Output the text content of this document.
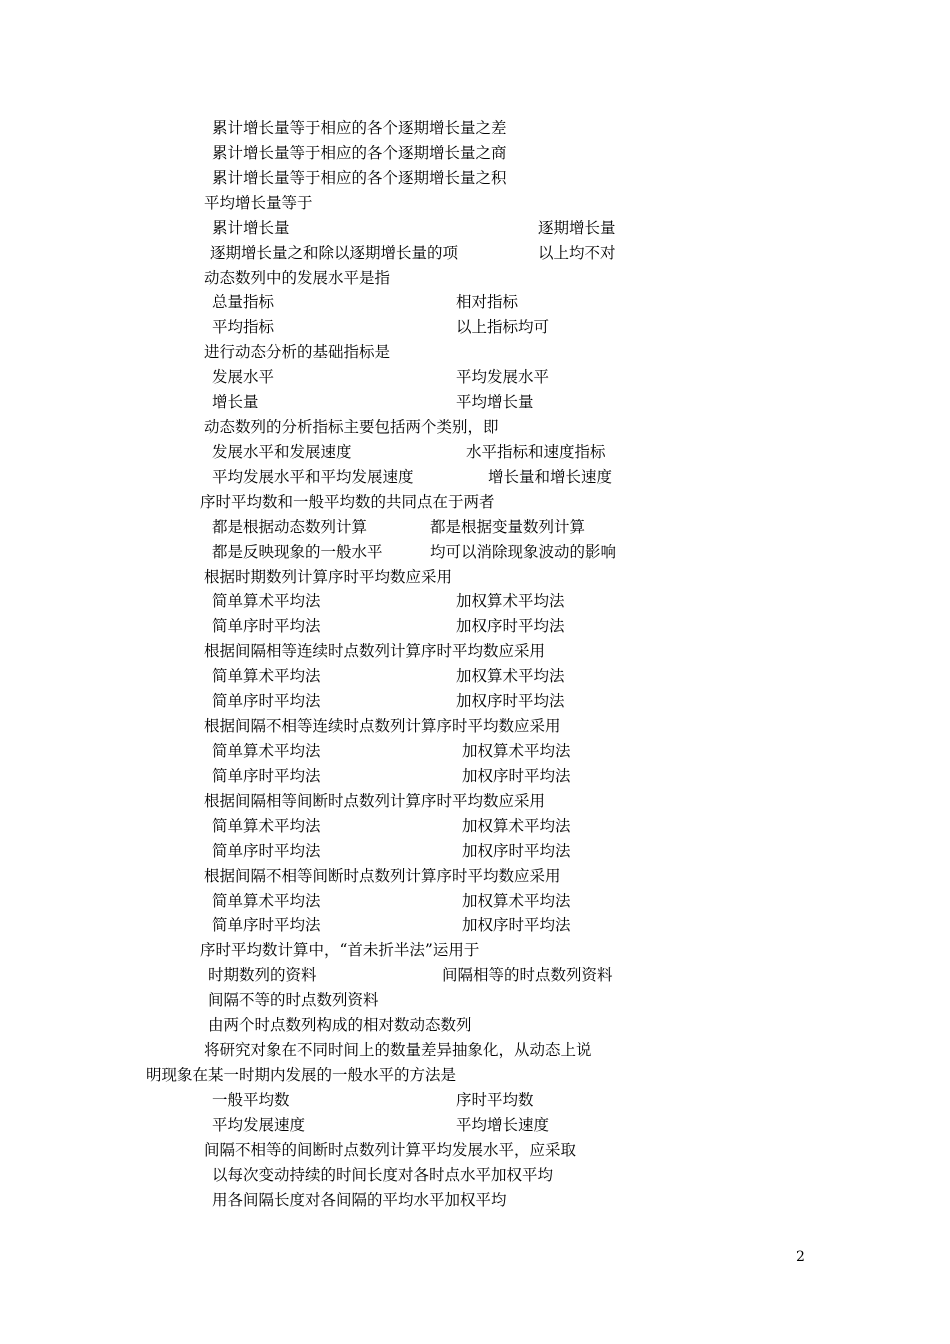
累计增长量等于相应的各个逐期增长量之差
累计增长量等于相应的各个逐期增长量之商
累计增长量等于相应的各个逐期增长量之积
平均增长量等于
累计增长量	逐期增长量
逐期增长量之和除以逐期增长量的项	以上均不对
动态数列中的发展水平是指
总量指标	相对指标
平均指标	以上指标均可
进行动态分析的基础指标是
发展水平	平均发展水平
增长量	平均增长量
动态数列的分析指标主要包括两个类别，即
发展水平和发展速度	水平指标和速度指标
平均发展水平和平均发展速度	增长量和增长速度
序时平均数和一般平均数的共同点在于两者
都是根据动态数列计算	都是根据变量数列计算
都是反映现象的一般水平	均可以消除现象波动的影响
根据时期数列计算序时平均数应采用
简单算术平均法	加权算术平均法
简单序时平均法	加权序时平均法
根据间隔相等连续时点数列计算序时平均数应采用
简单算术平均法	加权算术平均法
简单序时平均法	加权序时平均法
根据间隔不相等连续时点数列计算序时平均数应采用
简单算术平均法	加权算术平均法
简单序时平均法	加权序时平均法
根据间隔相等间断时点数列计算序时平均数应采用
简单算术平均法	加权算术平均法
简单序时平均法	加权序时平均法
根据间隔不相等间断时点数列计算序时平均数应采用
简单算术平均法	加权算术平均法
简单序时平均法	加权序时平均法
序时平均数计算中，“首未折半法”运用于
时期数列的资料	间隔相等的时点数列资料
间隔不等的时点数列资料
由两个时点数列构成的相对数动态数列
将研究对象在不同时间上的数量差异抽象化，从动态上说
明现象在某一时期内发展的一般水平的方法是
一般平均数	序时平均数
平均发展速度	平均增长速度
间隔不相等的间断时点数列计算平均发展水平，应采取
以每次变动持续的时间长度对各时点水平加权平均
用各间隔长度对各间隔的平均水平加权平均
2
